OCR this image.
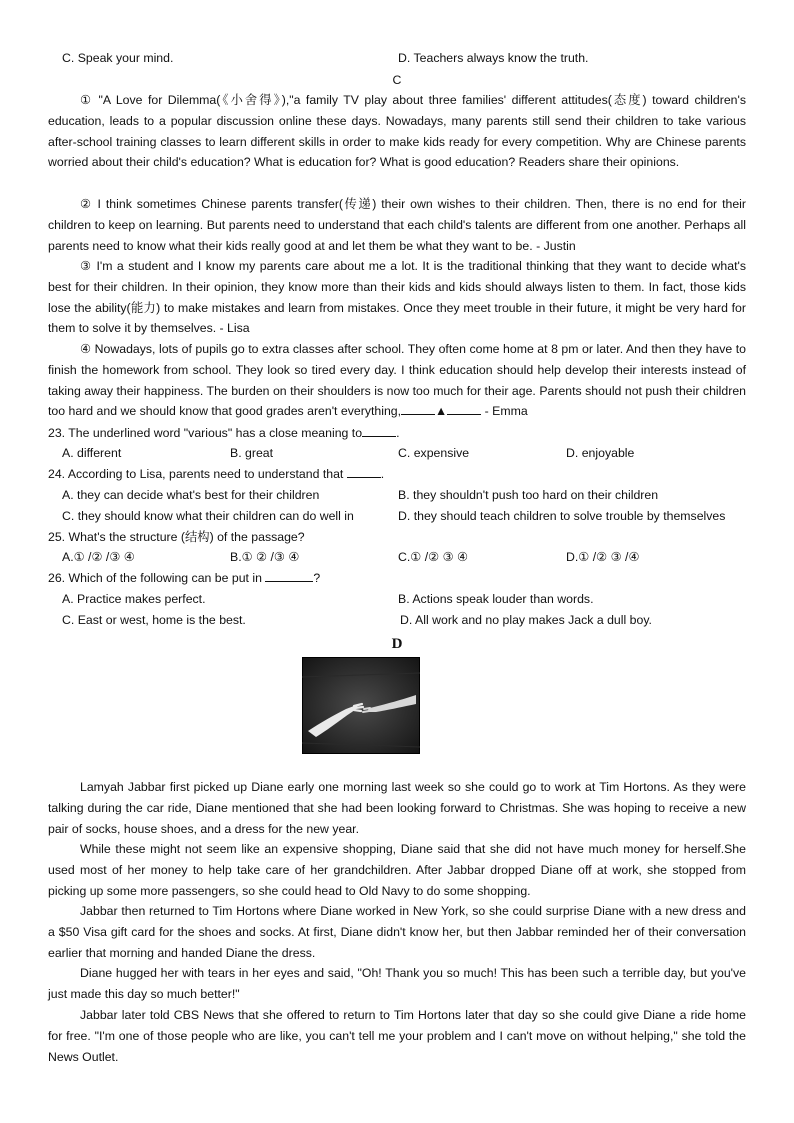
C. Speak your mind.	D. Teachers always know the truth.
C
① "A Love for Dilemma(《小舍得》),"a family TV play about three families' different attitudes(态度) toward children's education, leads to a popular discussion online these days. Nowadays, many parents still send their children to take various after-school training classes to learn different skills in order to make kids ready for every competition. Why are Chinese parents worried about their child's education? What is education for? What is good education? Readers share their opinions.
② I think sometimes Chinese parents transfer(传递) their own wishes to their children. Then, there is no end for their children to keep on learning. But parents need to understand that each child's talents are different from one another. Perhaps all parents need to know what their kids really good at and let them be what they want to be. - Justin
③ I'm a student and I know my parents care about me a lot. It is the traditional thinking that they want to decide what's best for their children. In their opinion, they know more than their kids and kids should always listen to them. In fact, those kids lose the ability(能力) to make mistakes and learn from mistakes. Once they meet trouble in their future, it might be very hard for them to solve it by themselves. - Lisa
④ Nowadays, lots of pupils go to extra classes after school. They often come home at 8 pm or later. And then they have to finish the homework from school. They look so tired every day. I think education should help develop their interests instead of taking away their happiness. The burden on their shoulders is now too much for their age. Parents should not push their children too hard and we should know that good grades aren't everything,	▲	- Emma
23. The underlined word "various" has a close meaning to	.
A. different	B. great	C. expensive	D. enjoyable
24. According to Lisa, parents need to understand that	.
A. they can decide what's best for their children	B. they shouldn't push too hard on their children
C. they should know what their children can do well in	D. they should teach children to solve trouble by themselves
25. What's the structure (结构) of the passage?
A.① /② /③ ④	B.① ② /③ ④	C.① /② ③ ④	D.① /② ③ /④
26. Which of the following can be put in	?
A. Practice makes perfect.	B. Actions speak louder than words.
C. East or west, home is the best.	D. All work and no play makes Jack a dull boy.
D
Lamyah Jabbar first picked up Diane early one morning last week so she could go to work at Tim Hortons. As they were talking during the car ride, Diane mentioned that she had been looking forward to Christmas. She was hoping to receive a new pair of socks, house shoes, and a dress for the new year.
While these might not seem like an expensive shopping, Diane said that she did not have much money for herself.She used most of her money to help take care of her grandchildren. After Jabbar dropped Diane off at work, she stopped from picking up some more passengers, so she could head to Old Navy to do some shopping.
Jabbar then returned to Tim Hortons where Diane worked in New York, so she could surprise Diane with a new dress and a $50 Visa gift card for the shoes and socks. At first, Diane didn't know her, but then Jabbar reminded her of their conversation earlier that morning and handed Diane the dress.
Diane hugged her with tears in her eyes and said, "Oh! Thank you so much! This has been such a terrible day, but you've just made this day so much better!"
Jabbar later told CBS News that she offered to return to Tim Hortons later that day so she could give Diane a ride home for free. "I'm one of those people who are like, you can't tell me your problem and I can't move on without helping," she told the News Outlet.
